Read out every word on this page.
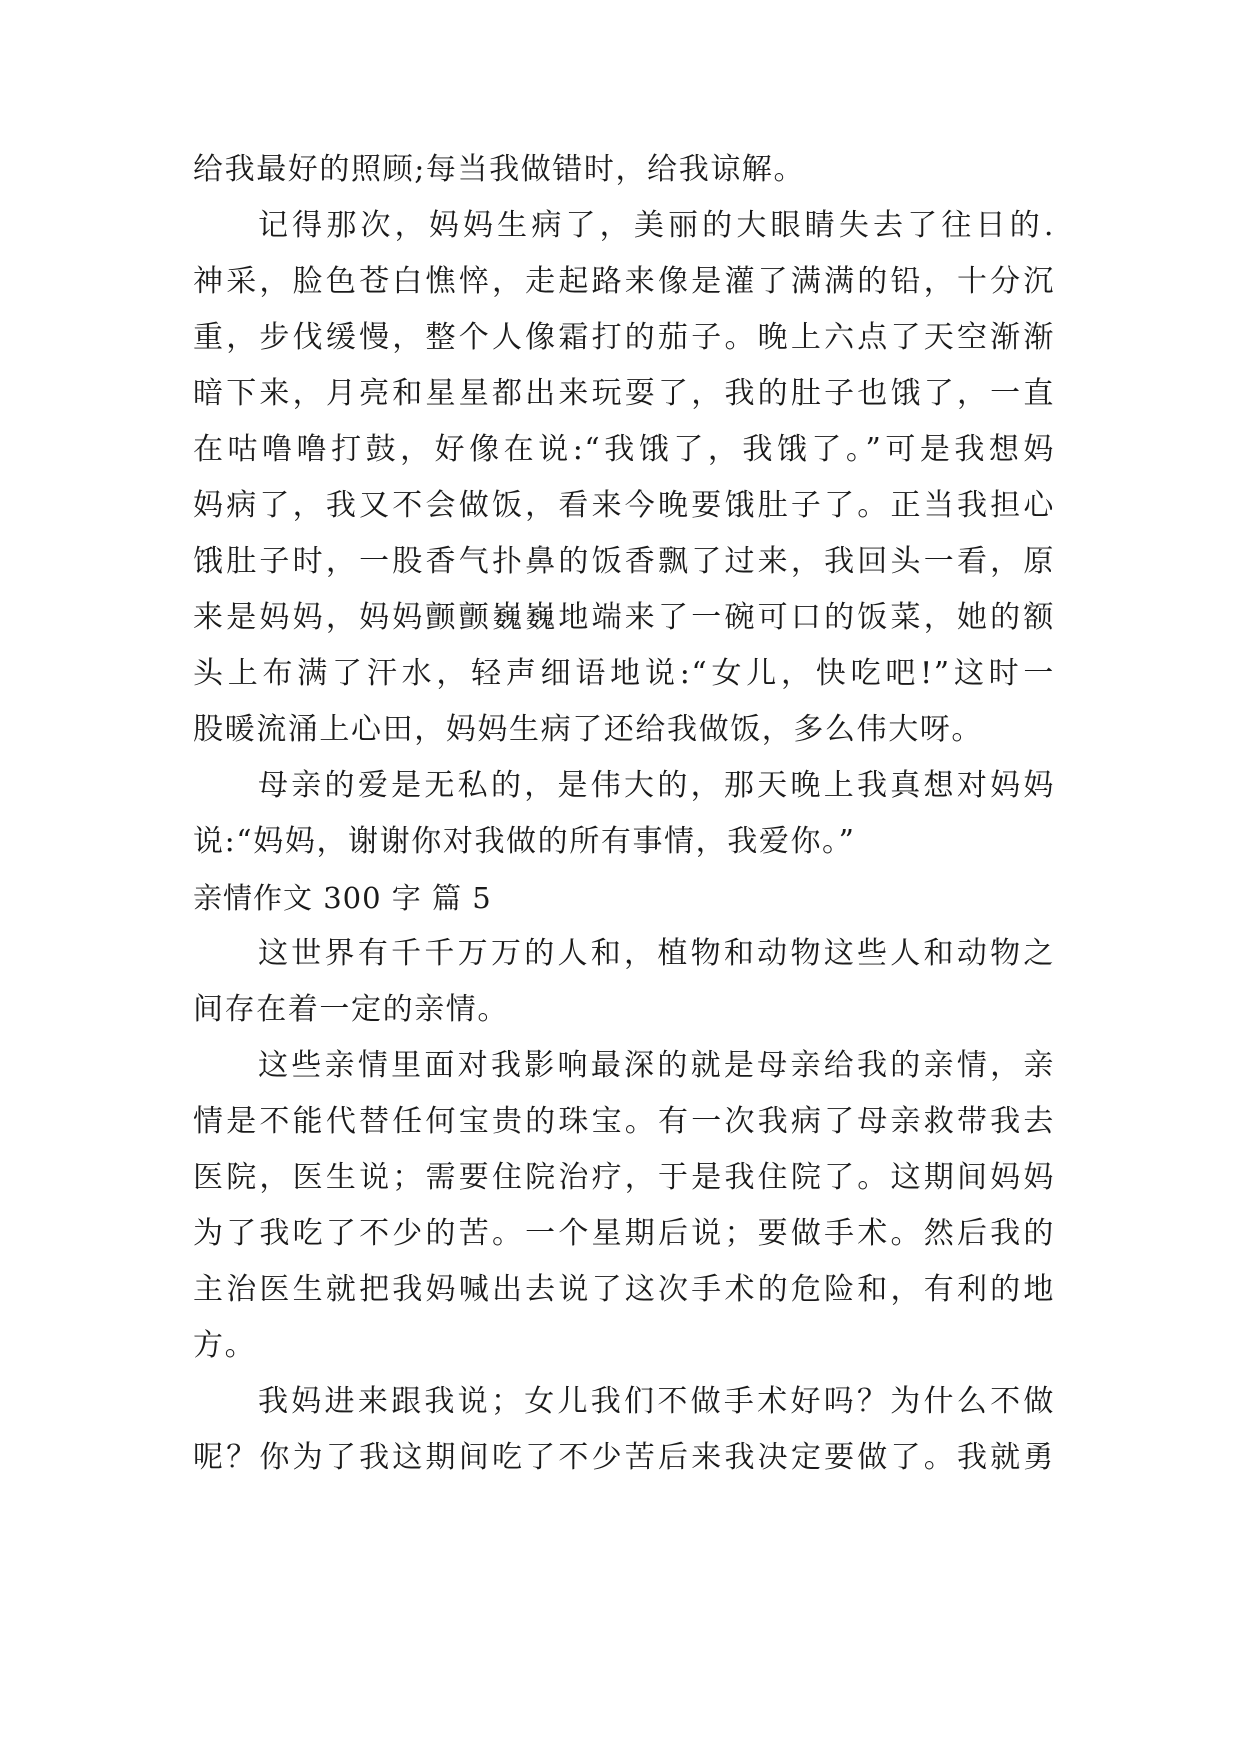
给我最好的照顾;每当我做错时，给我谅解。
记得那次，妈妈生病了，美丽的大眼睛失去了往日的.
神采，脸色苍白憔悴，走起路来像是灌了满满的铅，十分沉
重，步伐缓慢，整个人像霜打的茄子。晚上六点了天空渐渐
暗下来，月亮和星星都出来玩耍了，我的肚子也饿了，一直
在咕噜噜打鼓，好像在说:“我饿了，我饿了。”可是我想妈
妈病了，我又不会做饭，看来今晚要饿肚子了。正当我担心
饿肚子时，一股香气扑鼻的饭香飘了过来，我回头一看，原
来是妈妈，妈妈颤颤巍巍地端来了一碗可口的饭菜，她的额
头上布满了汗水，轻声细语地说:“女儿，快吃吧!”这时一
股暖流涌上心田，妈妈生病了还给我做饭，多么伟大呀。
母亲的爱是无私的，是伟大的，那天晚上我真想对妈妈
说:“妈妈，谢谢你对我做的所有事情，我爱你。”
亲情作文 300 字 篇 5
这世界有千千万万的人和，植物和动物这些人和动物之
间存在着一定的亲情。
这些亲情里面对我影响最深的就是母亲给我的亲情，亲
情是不能代替任何宝贵的珠宝。有一次我病了母亲救带我去
医院，医生说；需要住院治疗，于是我住院了。这期间妈妈
为了我吃了不少的苦。一个星期后说；要做手术。然后我的
主治医生就把我妈喊出去说了这次手术的危险和，有利的地
方。
我妈进来跟我说；女儿我们不做手术好吗？为什么不做
呢？你为了我这期间吃了不少苦后来我决定要做了。我就勇
